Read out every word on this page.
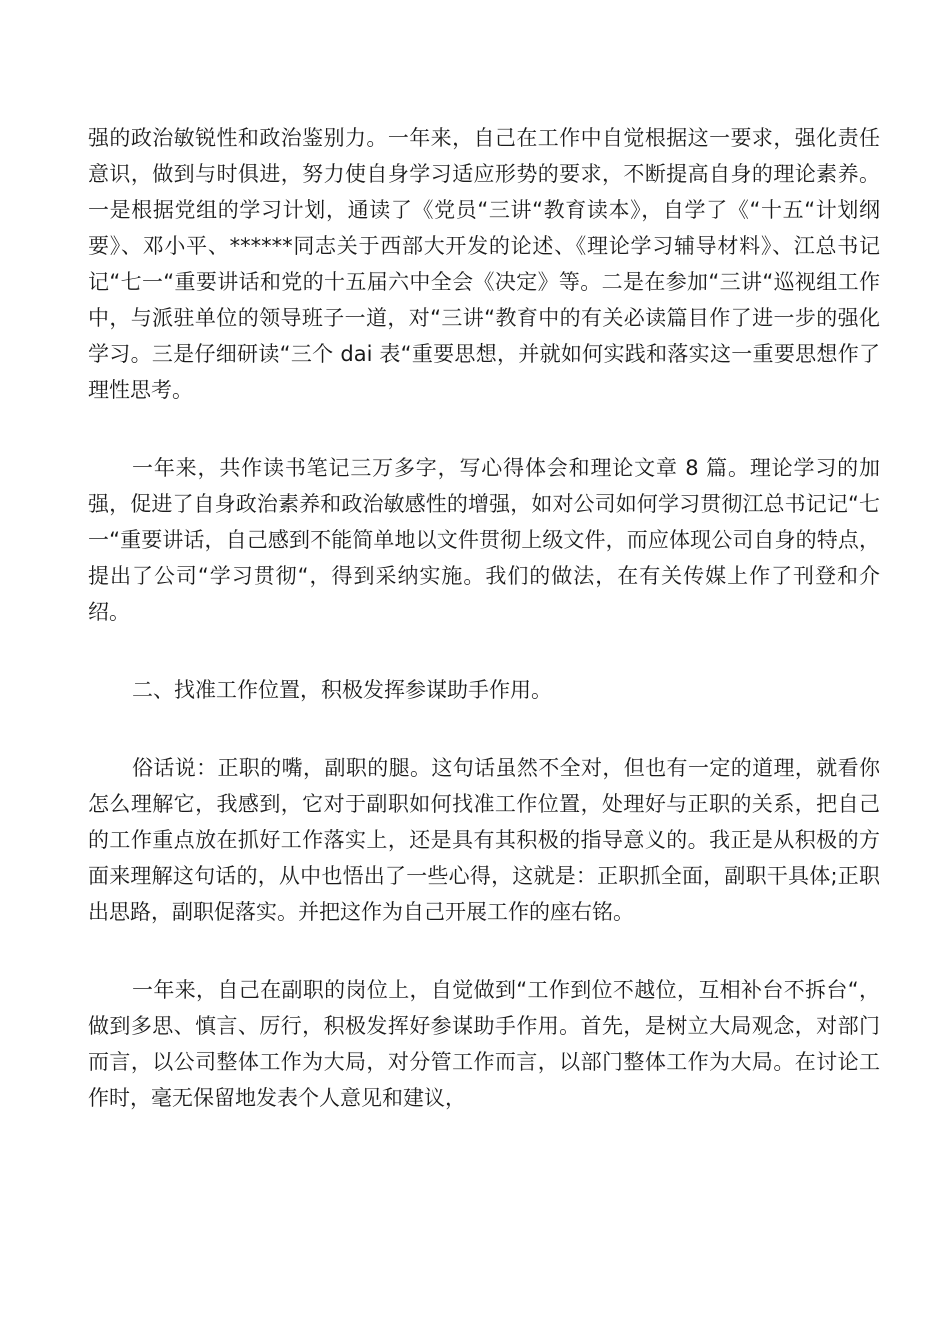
强的政治敏锐性和政治鉴别力。一年来，自己在工作中自觉根据这一要求，强化责任意识，做到与时俱进，努力使自身学习适应形势的要求，不断提高自身的理论素养。一是根据党组的学习计划，通读了《党员“三讲“教育读本》，自学了《“十五“计划纲要》、邓小平、******同志关于西部大开发的论述、《理论学习辅导材料》、江总书记记“七一“重要讲话和党的十五届六中全会《决定》等。二是在参加“三讲“巡视组工作中，与派驻单位的领导班子一道，对“三讲“教育中的有关必读篇目作了进一步的强化学习。三是仔细研读“三个 dai 表“重要思想，并就如何实践和落实这一重要思想作了理性思考。

一年来，共作读书笔记三万多字，写心得体会和理论文章 8 篇。理论学习的加强，促进了自身政治素养和政治敏感性的增强，如对公司如何学习贯彻江总书记记“七一“重要讲话，自己感到不能简单地以文件贯彻上级文件，而应体现公司自身的特点，提出了公司“学习贯彻“，得到采纳实施。我们的做法，在有关传媒上作了刊登和介绍。

二、找准工作位置，积极发挥参谋助手作用。

俗话说：正职的嘴，副职的腿。这句话虽然不全对，但也有一定的道理，就看你怎么理解它，我感到，它对于副职如何找准工作位置，处理好与正职的关系，把自己的工作重点放在抓好工作落实上，还是具有其积极的指导意义的。我正是从积极的方面来理解这句话的，从中也悟出了一些心得，这就是：正职抓全面，副职干具体;正职出思路，副职促落实。并把这作为自己开展工作的座右铭。

一年来，自己在副职的岗位上，自觉做到“工作到位不越位，互相补台不拆台“，做到多思、慎言、厉行，积极发挥好参谋助手作用。首先，是树立大局观念，对部门而言，以公司整体工作为大局，对分管工作而言，以部门整体工作为大局。在讨论工作时，毫无保留地发表个人意见和建议，
